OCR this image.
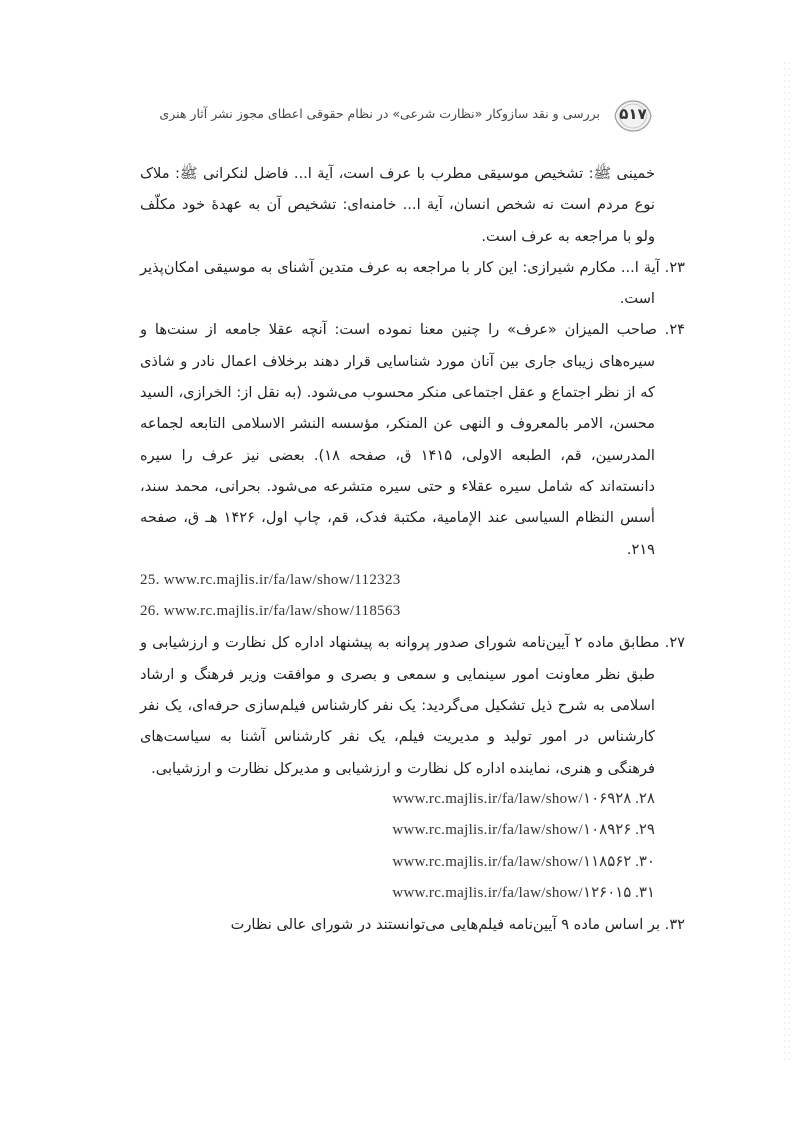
۵۱۷
بررسی و نقد سازوکار «نظارت شرعی» در نظام حقوقی اعطای مجوز نشر آثار هنری

خمینی ﷺ: تشخیص موسیقی مطرب با عرف است، آیة ا... فاضل لنکرانی ﷺ: ملاک نوع مردم است نه شخص انسان، آیة ا... خامنه‌ای: تشخیص آن به عهدهٔ خود مکلّف ولو با مراجعه به عرف است.

۲۳. آیة ا... مکارم شیرازی: این کار با مراجعه به عرف متدین آشنای به موسیقی امکان‌پذیر است.

۲۴. صاحب المیزان «عرف» را چنین معنا نموده است: آنچه عقلا جامعه از سنت‌ها و سیره‌های زیبای جاری بین آنان مورد شناسایی قرار دهند برخلاف اعمال نادر و شاذی که از نظر اجتماع و عقل اجتماعی منکر محسوب می‌شود. (به نقل از: الخرازی، السید محسن، الامر بالمعروف و النهی عن المنکر، مؤسسه النشر الاسلامی التابعه لجماعه المدرسین، قم، الطبعه الاولی، ۱۴۱۵ ق، صفحه ۱۸). بعضی نیز عرف را سیره دانسته‌اند که شامل سیره عقلاء و حتی سیره متشرعه می‌شود. بحرانی، محمد سند، أسس النظام السیاسی عند الإمامیة، مکتبة فدک، قم، چاپ اول، ۱۴۲۶ هـ ق، صفحه ۲۱۹.

25. www.rc.majlis.ir/fa/law/show/112323

26. www.rc.majlis.ir/fa/law/show/118563

۲۷. مطابق ماده ۲ آیین‌نامه شورای صدور پروانه به پیشنهاد اداره کل نظارت و ارزشیابی و طبق نظر معاونت امور سینمایی و سمعی و بصری و موافقت وزیر فرهنگ و ارشاد اسلامی به شرح ذیل تشکیل می‌گردید: یک نفر کارشناس فیلم‌سازی حرفه‌ای، یک نفر کارشناس در امور تولید و مدیریت فیلم، یک نفر کارشناس آشنا به سیاست‌های فرهنگی و هنری، نماینده اداره کل نظارت و ارزشیابی و مدیرکل نظارت و ارزشیابی.

۲۸. www.rc.majlis.ir/fa/law/show/۱۰۶۹۲۸

۲۹. www.rc.majlis.ir/fa/law/show/۱۰۸۹۲۶

۳۰. www.rc.majlis.ir/fa/law/show/۱۱۸۵۶۲

۳۱. www.rc.majlis.ir/fa/law/show/۱۲۶۰۱۵

۳۲. بر اساس ماده ۹ آیین‌نامه فیلم‌هایی می‌توانستند در شورای عالی نظارت
